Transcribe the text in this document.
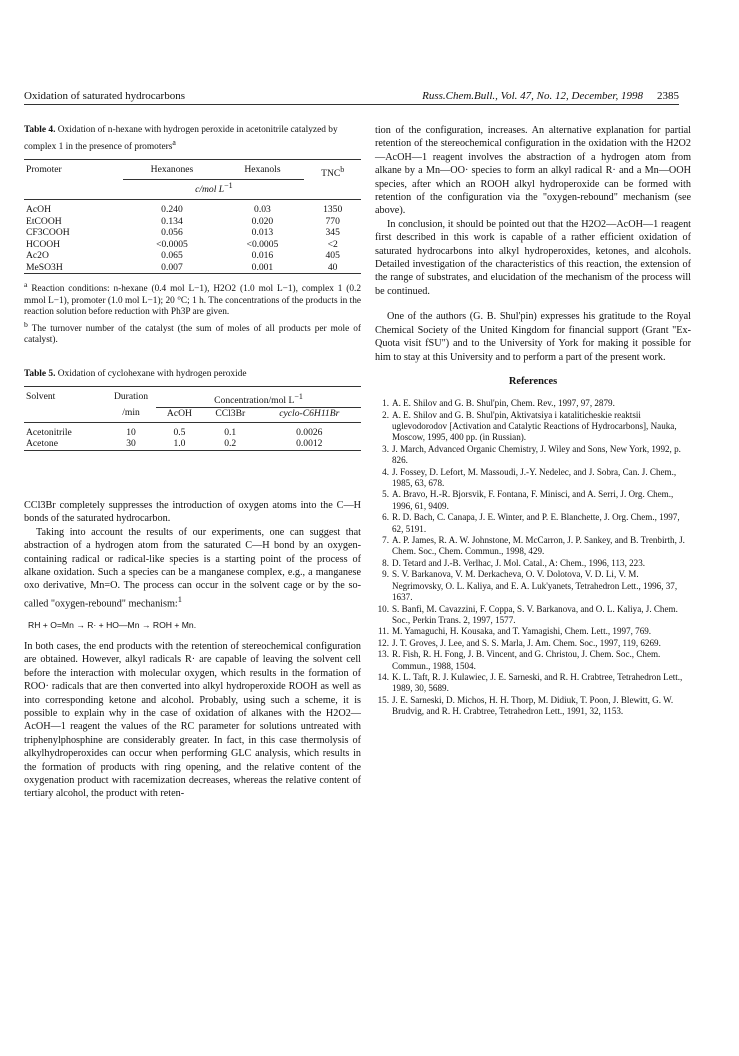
Oxidation of saturated hydrocarbons	Russ.Chem.Bull., Vol. 47, No. 12, December, 1998 2385
Table 4. Oxidation of n-hexane with hydrogen peroxide in acetonitrile catalyzed by complex 1 in the presence of promoters$^a$
Promoter	Hexanones	Hexanols	TNC$^b$
	c/mol $L^{-1}$	

AcOH	0.240	0.03	1350
EtCOOH	0.134	0.020	770
CF3COOH	0.056	0.013	345
HCOOH	<0.0005	<0.0005	<2
Ac2O	0.065	0.016	405
MeSO3H	0.007	0.001	40

$^a$ Reaction conditions: n-hexane (0.4 mol L−1), H2O2 (1.0 mol L−1), complex 1 (0.2 mmol L−1), promoter (1.0 mol L−1); 20 °C; 1 h. The concentrations of the products in the reaction solution before reduction with Ph3P are given.
$^b$ The turnover number of the catalyst (the sum of moles of all products per mole of catalyst).
Table 5. Oxidation of cyclohexane with hydrogen peroxide
Solvent	Duration	Concentration/mol $L^{-1}$
	/min	AcOH	CCl3Br	cyclo-C6H11Br

Acetonitrile	10	0.5	0.1	0.0026
Acetone	30	1.0	0.2	0.0012

CCl3Br completely suppresses the introduction of oxygen atoms into the C—H bonds of the saturated hydrocarbon.

Taking into account the results of our experiments, one can suggest that abstraction of a hydrogen atom from the saturated C—H bond by an oxygen-containing radical or radical-like species is a starting point of the process of alkane oxidation. Such a species can be a manganese complex, e.g., a manganese oxo derivative, Mn=O. The process can occur in the solvent cage or by the so-called "oxygen-rebound" mechanism:$^1$

RH + O=Mn → R· + HO—Mn → ROH + Mn.

In both cases, the end products with the retention of stereochemical configuration are obtained. However, alkyl radicals R· are capable of leaving the solvent cell before the interaction with molecular oxygen, which results in the formation of ROO· radicals that are then converted into alkyl hydroperoxide ROOH as well as into corresponding ketone and alcohol. Probably, using such a scheme, it is possible to explain why in the case of oxidation of alkanes with the H2O2—AcOH—1 reagent the values of the RC parameter for solutions untreated with triphenylphosphine are considerably greater. In fact, in this case thermolysis of alkylhydroperoxides can occur when performing GLC analysis, which results in the formation of products with ring opening, and the relative content of the oxygenation product with racemization decreases, whereas the relative content of tertiary alcohol, the product with reten-

tion of the configuration, increases. An alternative explanation for partial retention of the stereochemical configuration in the oxidation with the H2O2—AcOH—1 reagent involves the abstraction of a hydrogen atom from alkane by a Mn—OO· species to form an alkyl radical R· and a Mn—OOH species, after which an ROOH alkyl hydroperoxide can be formed with retention of the configuration via the "oxygen-rebound" mechanism (see above).

In conclusion, it should be pointed out that the H2O2—AcOH—1 reagent first described in this work is capable of a rather efficient oxidation of saturated hydrocarbons into alkyl hydroperoxides, ketones, and alcohols. Detailed investigation of the characteristics of this reaction, the extension of the range of substrates, and elucidation of the mechanism of the process will be continued.

One of the authors (G. B. Shul'pin) expresses his gratitude to the Royal Chemical Society of the United Kingdom for financial support (Grant "Ex-Quota visit fSU") and to the University of York for making it possible for him to stay at this University and to perform a part of the present work.

References
1. A. E. Shilov and G. B. Shul'pin, Chem. Rev., 1997, 97, 2879.
2. A. E. Shilov and G. B. Shul'pin, Aktivatsiya i kataliticheskie reaktsii uglevodorodov [Activation and Catalytic Reactions of Hydrocarbons], Nauka, Moscow, 1995, 400 pp. (in Russian).
3. J. March, Advanced Organic Chemistry, J. Wiley and Sons, New York, 1992, p. 826.
4. J. Fossey, D. Lefort, M. Massoudi, J.-Y. Nedelec, and J. Sobra, Can. J. Chem., 1985, 63, 678.
5. A. Bravo, H.-R. Bjorsvik, F. Fontana, F. Minisci, and A. Serri, J. Org. Chem., 1996, 61, 9409.
6. R. D. Bach, C. Canapa, J. E. Winter, and P. E. Blanchette, J. Org. Chem., 1997, 62, 5191.
7. A. P. James, R. A. W. Johnstone, M. McCarron, J. P. Sankey, and B. Trenbirth, J. Chem. Soc., Chem. Commun., 1998, 429.
8. D. Tetard and J.-B. Verlhac, J. Mol. Catal., A: Chem., 1996, 113, 223.
9. S. V. Barkanova, V. M. Derkacheva, O. V. Dolotova, V. D. Li, V. M. Negrimovsky, O. L. Kaliya, and E. A. Luk'yanets, Tetrahedron Lett., 1996, 37, 1637.
10. S. Banfi, M. Cavazzini, F. Coppa, S. V. Barkanova, and O. L. Kaliya, J. Chem. Soc., Perkin Trans. 2, 1997, 1577.
11. M. Yamaguchi, H. Kousaka, and T. Yamagishi, Chem. Lett., 1997, 769.
12. J. T. Groves, J. Lee, and S. S. Marla, J. Am. Chem. Soc., 1997, 119, 6269.
13. R. Fish, R. H. Fong, J. B. Vincent, and G. Christou, J. Chem. Soc., Chem. Commun., 1988, 1504.
14. K. L. Taft, R. J. Kulawiec, J. E. Sarneski, and R. H. Crabtree, Tetrahedron Lett., 1989, 30, 5689.
15. J. E. Sarneski, D. Michos, H. H. Thorp, M. Didiuk, T. Poon, J. Blewitt, G. W. Brudvig, and R. H. Crabtree, Tetrahedron Lett., 1991, 32, 1153.
